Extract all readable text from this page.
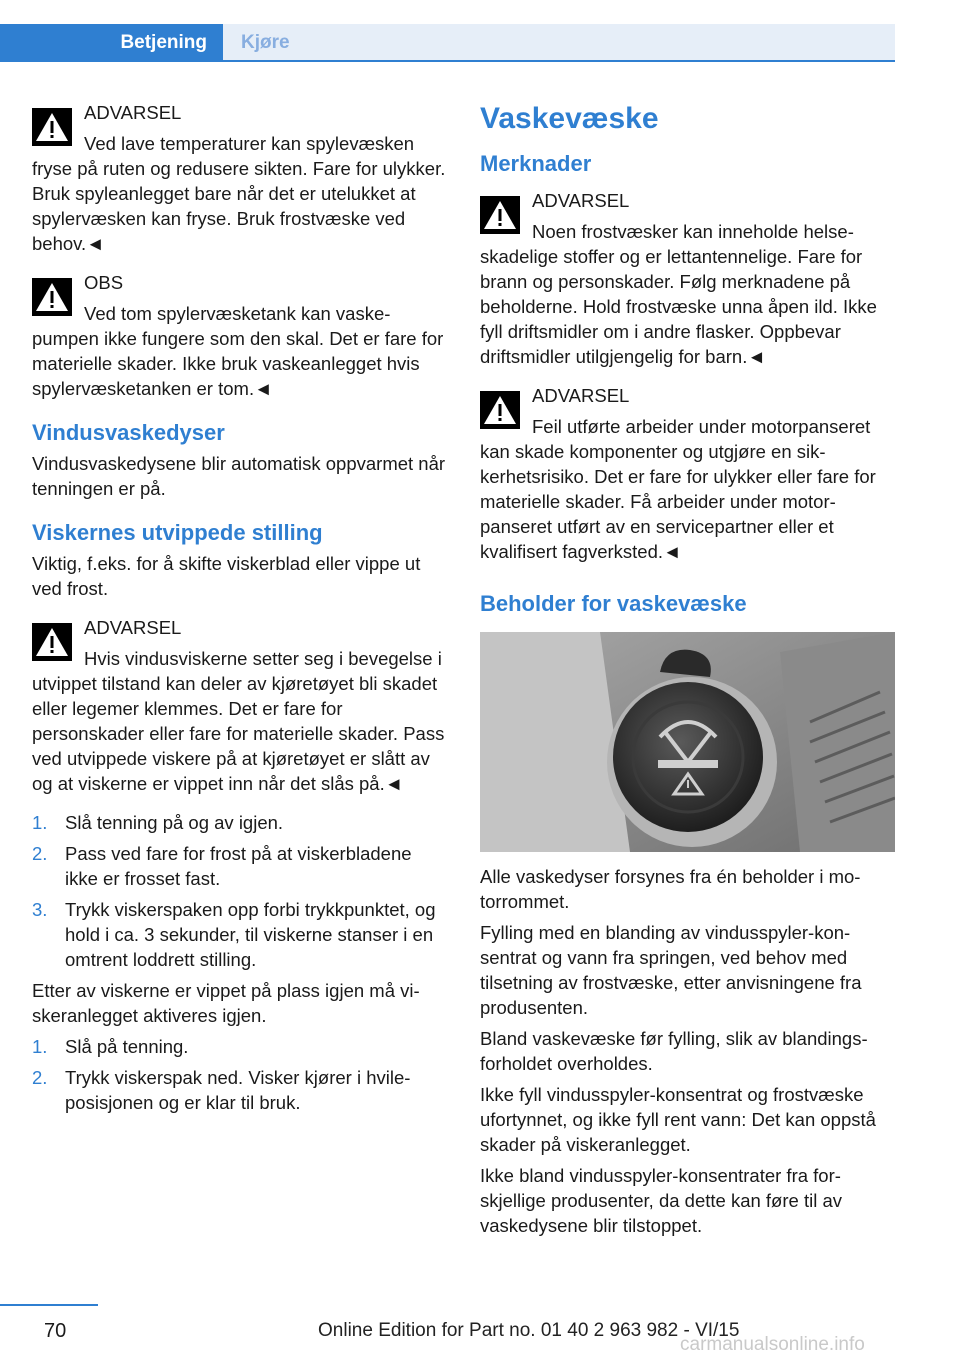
Betjening	Kjøre
ADVARSEL

Ved lave temperaturer kan spylevæsken fryse på ruten og redusere sikten. Fare for ulykker. Bruk spyleanlegget bare når det er utelukket at spylervæsken kan fryse. Bruk frostvæske ved behov.◄

OBS

Ved tom spylervæsketank kan vaskepumpen ikke fungere som den skal. Det er fare for materielle skader. Ikke bruk vaskeanlegget hvis spylervæsketanken er tom.◄

Vindusvaskedyser

Vindusvaskedysene blir automatisk oppvarmet når tenningen er på.

Viskernes utvippede stilling

Viktig, f.eks. for å skifte viskerblad eller vippe ut ved frost.

ADVARSEL

Hvis vindusviskerne setter seg i bevegelse i utvippet tilstand kan deler av kjøretøyet bli skadet eller legemer klemmes. Det er fare for personskader eller fare for materielle skader. Pass ved utvippede viskere på at kjøretøyet er slått av og at viskerne er vippet inn når det slås på.◄

1. Slå tenning på og av igjen.
2. Pass ved fare for frost på at viskerbladene ikke er frosset fast.
3. Trykk viskerspaken opp forbi trykkpunktet, og hold i ca. 3 sekunder, til viskerne stanser i en omtrent loddrett stilling.

Etter av viskerne er vippet på plass igjen må viskeranlegget aktiveres igjen.

1. Slå på tenning.
2. Trykk viskerspak ned. Visker kjører i hvileposisjonen og er klar til bruk.
Vaskevæske
Merknader
ADVARSEL

Noen frostvæsker kan inneholde helseskadelige stoffer og er lettantennelige. Fare for brann og personskader. Følg merknadene på beholderne. Hold frostvæske unna åpen ild. Ikke fyll driftsmidler om i andre flasker. Oppbevar driftsmidler utilgjengelig for barn.◄

ADVARSEL

Feil utførte arbeider under motorpanseret kan skade komponenter og utgjøre en sikkerhetsrisiko. Det er fare for ulykker eller fare for materielle skader. Få arbeider under motorpanseret utført av en servicepartner eller et kvalifisert fagverksted.◄

Beholder for vaskevæske

Alle vaskedyser forsynes fra én beholder i motorrommet.

Fylling med en blanding av vindusspyler-konsentrat og vann fra springen, ved behov med tilsetning av frostvæske, etter anvisningene fra produsenten.

Bland vaskevæske før fylling, slik av blandingsforholdet overholdes.

Ikke fyll vindusspyler-konsentrat og frostvæske ufortynnet, og ikke fyll rent vann: Det kan oppstå skader på viskeranlegget.

Ikke bland vindusspyler-konsentrater fra forskjellige produsenter, da dette kan føre til av vaskedysene blir tilstoppet.

70	Online Edition for Part no. 01 40 2 963 982 - VI/15
carmanualsonline.info
